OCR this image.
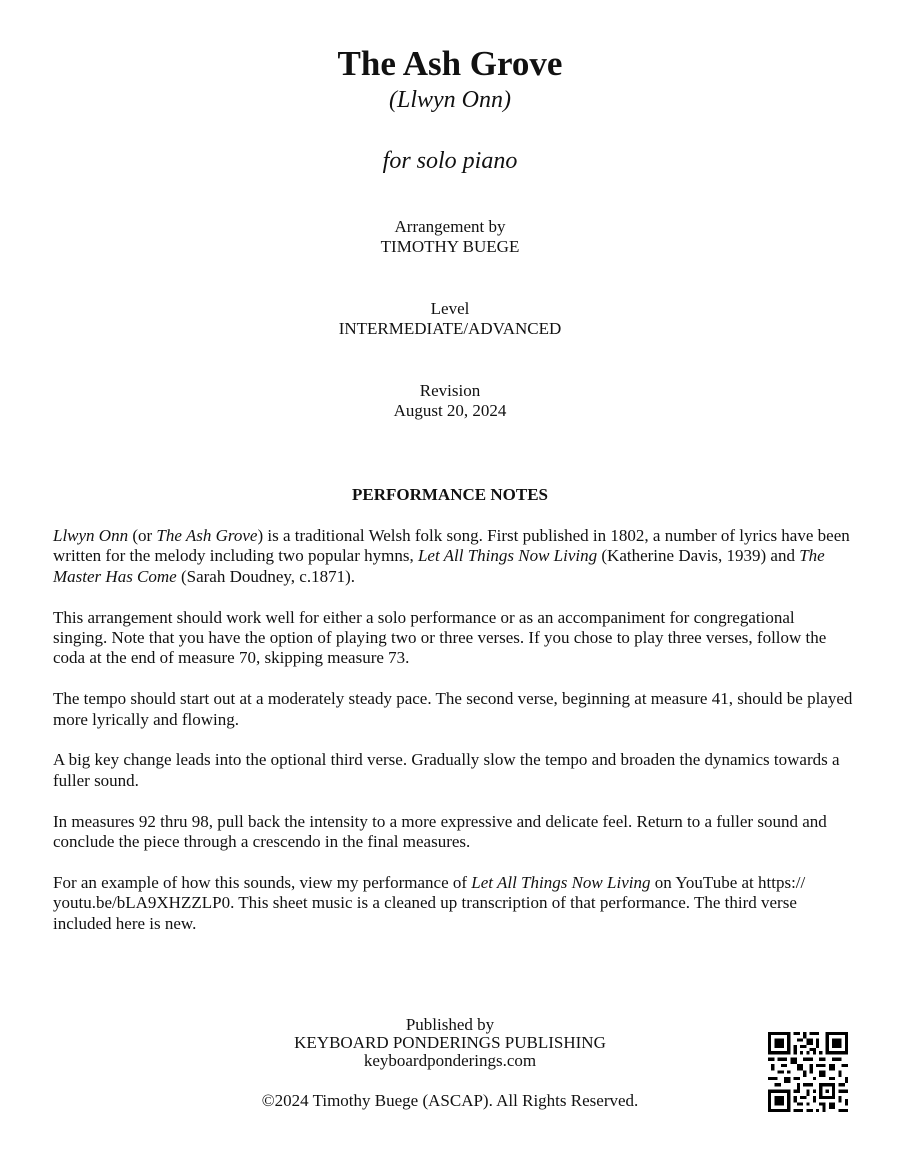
The Ash Grove
(Llwyn Onn)
for solo piano
Arrangement by
TIMOTHY BUEGE
Level
INTERMEDIATE/ADVANCED
Revision
August 20, 2024
PERFORMANCE NOTES

Llwyn Onn (or The Ash Grove) is a traditional Welsh folk song. First published in 1802, a number of lyrics have been written for the melody including two popular hymns, Let All Things Now Living (Katherine Davis, 1939) and The Master Has Come (Sarah Doudney, c.1871).

This arrangement should work well for either a solo performance or as an accompaniment for congregational singing. Note that you have the option of playing two or three verses. If you chose to play three verses, follow the coda at the end of measure 70, skipping measure 73.

The tempo should start out at a moderately steady pace. The second verse, beginning at measure 41, should be played more lyrically and flowing.

A big key change leads into the optional third verse. Gradually slow the tempo and broaden the dynamics towards a fuller sound.

In measures 92 thru 98, pull back the intensity to a more expressive and delicate feel. Return to a fuller sound and conclude the piece through a crescendo in the final measures.

For an example of how this sounds, view my performance of Let All Things Now Living on YouTube at https://
youtu.be/bLA9XHZZLP0. This sheet music is a cleaned up transcription of that performance. The third verse included here is new.

Published by
KEYBOARD PONDERINGS PUBLISHING
keyboardponderings.com
©2024 Timothy Buege (ASCAP). All Rights Reserved.
